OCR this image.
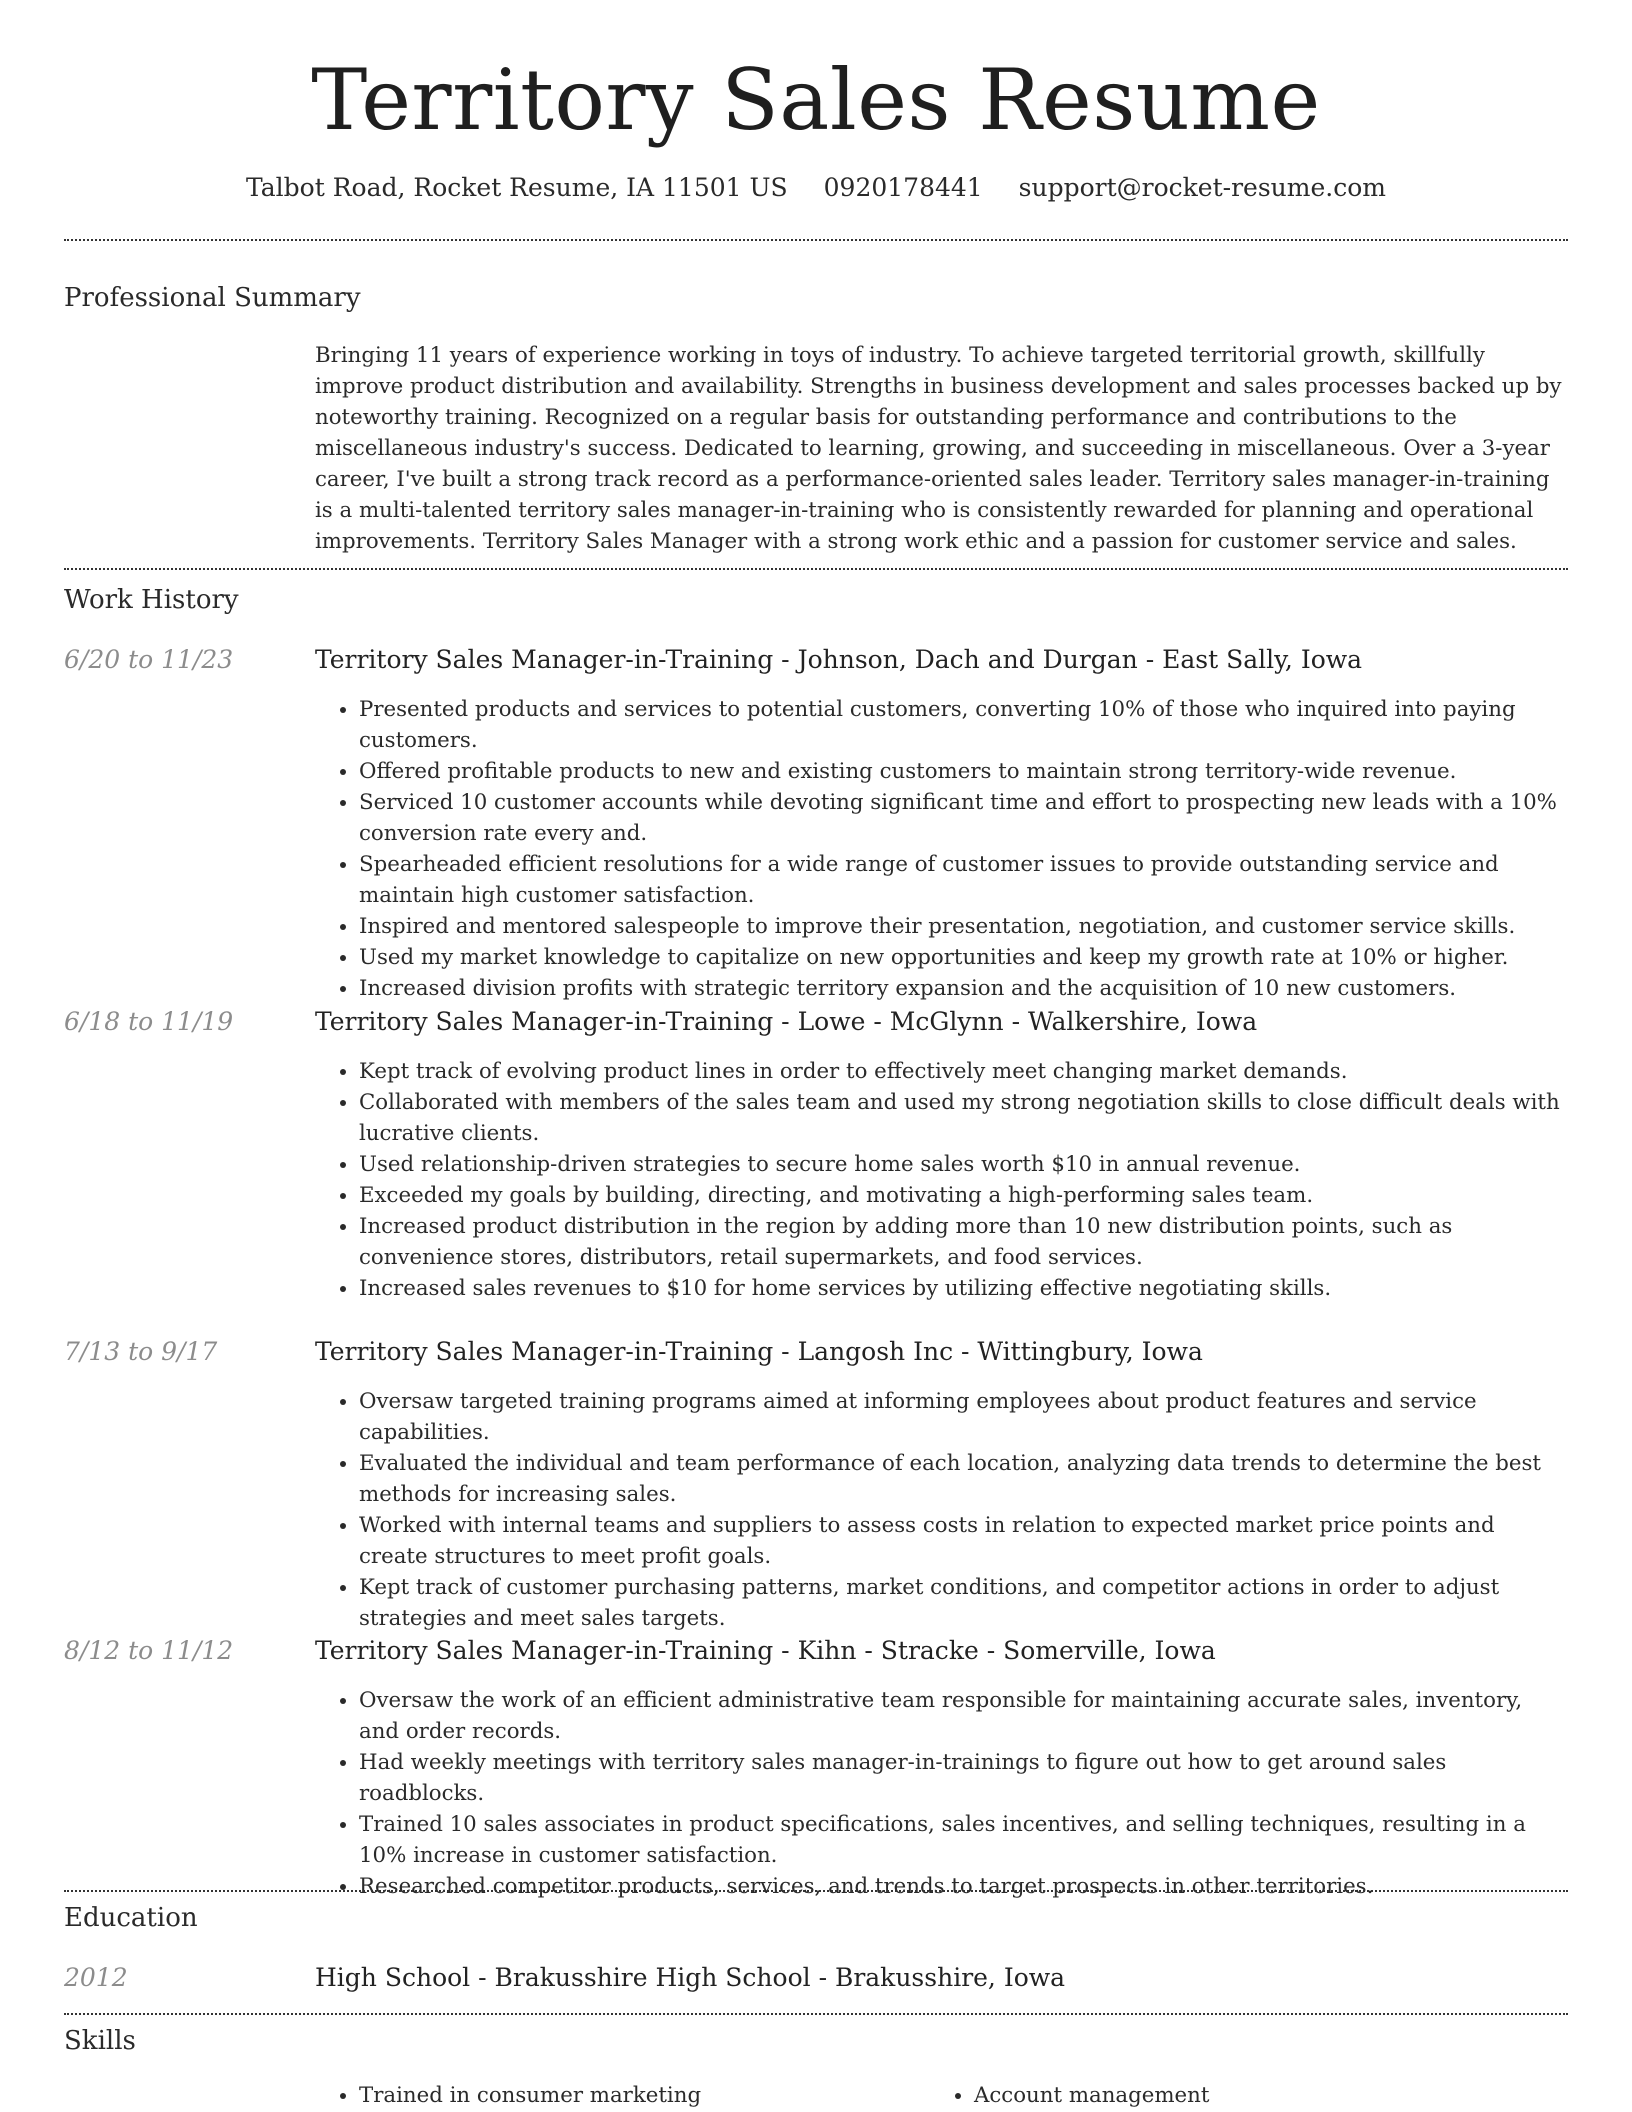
Territory Sales Resume
Talbot Road, Rocket Resume, IA 11501 US 0920178441 support@rocket-resume.com
Professional Summary
Bringing 11 years of experience working in toys of industry. To achieve targeted territorial growth, skillfully improve product distribution and availability. Strengths in business development and sales processes backed up by noteworthy training. Recognized on a regular basis for outstanding performance and contributions to the miscellaneous industry's success. Dedicated to learning, growing, and succeeding in miscellaneous. Over a 3-year career, I've built a strong track record as a performance-oriented sales leader. Territory sales manager-in-training is a multi-talented territory sales manager-in-training who is consistently rewarded for planning and operational improvements. Territory Sales Manager with a strong work ethic and a passion for customer service and sales.
Work History
6/20 to 11/23	Territory Sales Manager-in-Training - Johnson, Dach and Durgan - East Sally, Iowa
• Presented products and services to potential customers, converting 10% of those who inquired into paying customers.
• Offered profitable products to new and existing customers to maintain strong territory-wide revenue.
• Serviced 10 customer accounts while devoting significant time and effort to prospecting new leads with a 10% conversion rate every and.
• Spearheaded efficient resolutions for a wide range of customer issues to provide outstanding service and maintain high customer satisfaction.
• Inspired and mentored salespeople to improve their presentation, negotiation, and customer service skills.
• Used my market knowledge to capitalize on new opportunities and keep my growth rate at 10% or higher.
• Increased division profits with strategic territory expansion and the acquisition of 10 new customers.
6/18 to 11/19	Territory Sales Manager-in-Training - Lowe - McGlynn - Walkershire, Iowa
• Kept track of evolving product lines in order to effectively meet changing market demands.
• Collaborated with members of the sales team and used my strong negotiation skills to close difficult deals with lucrative clients.
• Used relationship-driven strategies to secure home sales worth $10 in annual revenue.
• Exceeded my goals by building, directing, and motivating a high-performing sales team.
• Increased product distribution in the region by adding more than 10 new distribution points, such as convenience stores, distributors, retail supermarkets, and food services.
• Increased sales revenues to $10 for home services by utilizing effective negotiating skills.
7/13 to 9/17	Territory Sales Manager-in-Training - Langosh Inc - Wittingbury, Iowa
• Oversaw targeted training programs aimed at informing employees about product features and service capabilities.
• Evaluated the individual and team performance of each location, analyzing data trends to determine the best methods for increasing sales.
• Worked with internal teams and suppliers to assess costs in relation to expected market price points and create structures to meet profit goals.
• Kept track of customer purchasing patterns, market conditions, and competitor actions in order to adjust strategies and meet sales targets.
8/12 to 11/12	Territory Sales Manager-in-Training - Kihn - Stracke - Somerville, Iowa
• Oversaw the work of an efficient administrative team responsible for maintaining accurate sales, inventory, and order records.
• Had weekly meetings with territory sales manager-in-trainings to figure out how to get around sales roadblocks.
• Trained 10 sales associates in product specifications, sales incentives, and selling techniques, resulting in a 10% increase in customer satisfaction.
• Researched competitor products, services, and trends to target prospects in other territories.
Education
2012	High School - Brakusshire High School - Brakusshire, Iowa
Skills
• Trained in consumer marketing
•	Account management
